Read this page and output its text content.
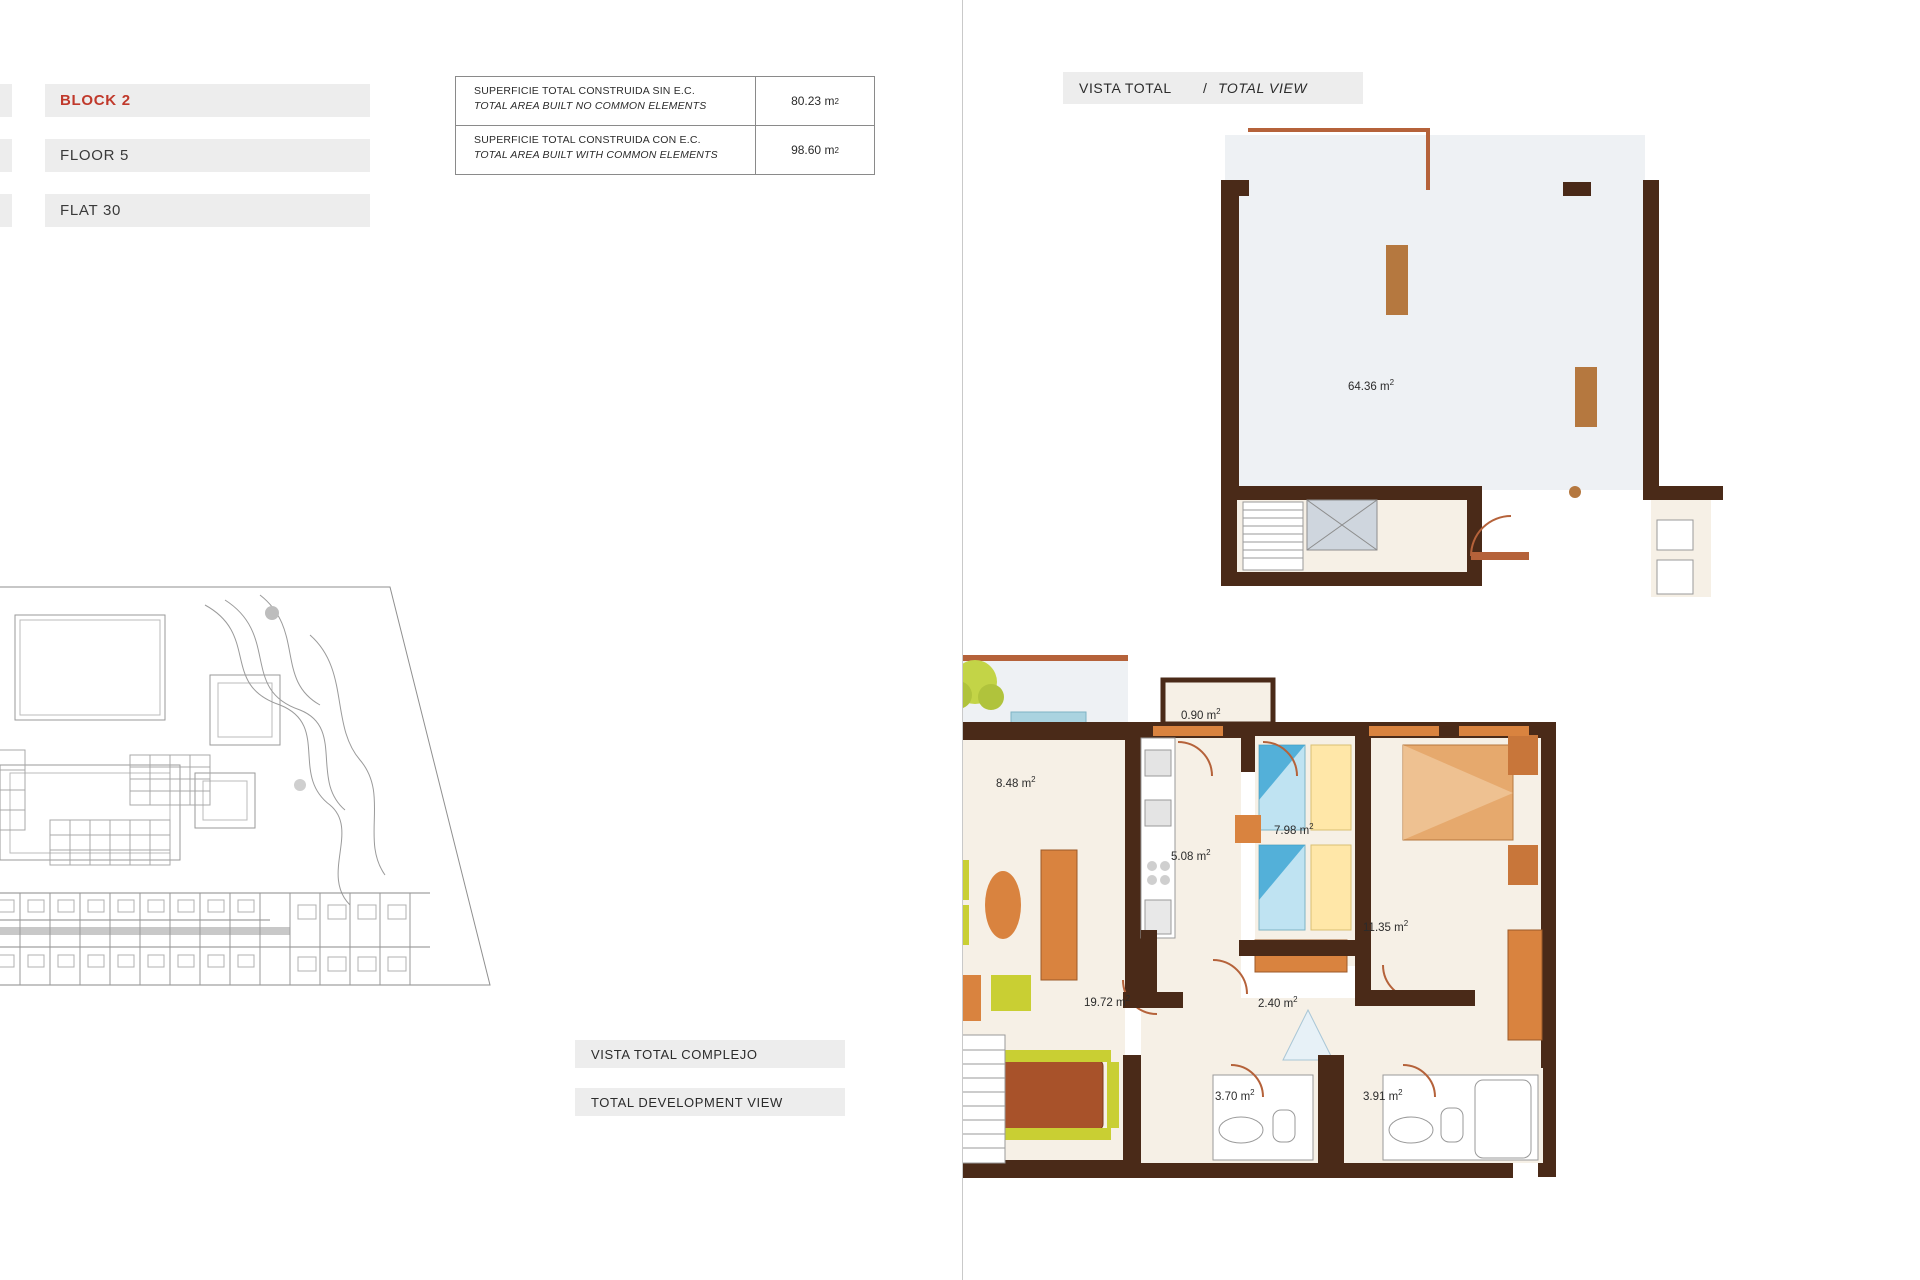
BLOCK 2
FLOOR 5
FLAT 30
SUPERFICIE TOTAL CONSTRUIDA SIN E.C.
TOTAL AREA BUILT NO COMMON ELEMENTS	80.23 m 2
SUPERFICIE TOTAL CONSTRUIDA CON E.C.
TOTAL AREA BUILT WITH COMMON ELEMENTS	98.60 m 2
VISTA TOTAL COMPLEJO
TOTAL DEVELOPMENT VIEW
VISTA TOTAL / TOTAL VIEW
64.36 $m^2$
0.90 $m^2$
8.48 $m^2$
5.08 $m^2$
7.98 $m^2$
11.35 $m^2$
19.72 $m^2$	2.40 $m^2$
3.70 $m^2$	3.91 $m^2$
